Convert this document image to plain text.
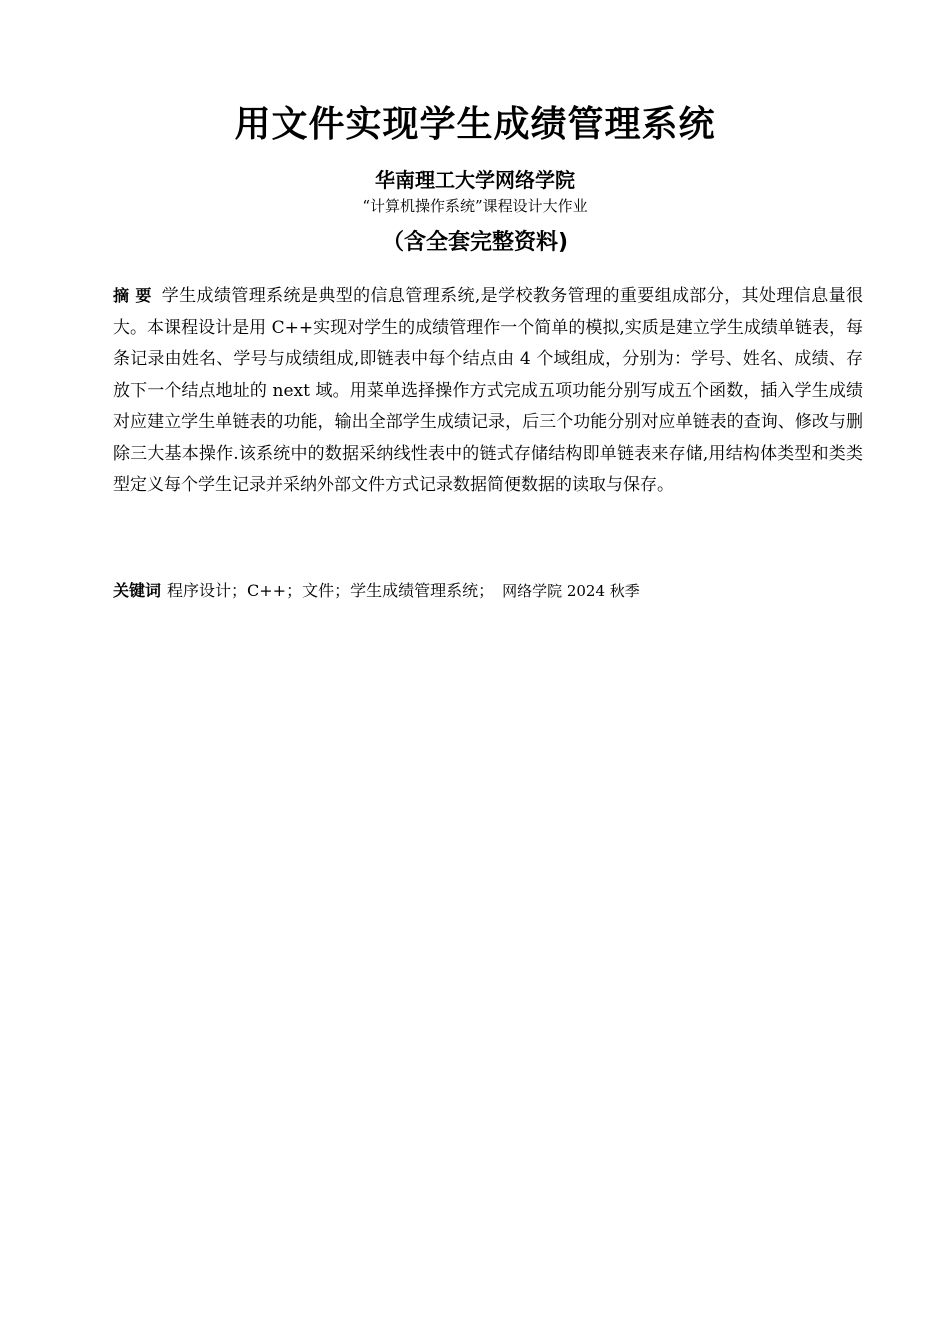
用文件实现学生成绩管理系统
华南理工大学网络学院
“计算机操作系统”课程设计大作业
（含全套完整资料)
摘 要 学生成绩管理系统是典型的信息管理系统,是学校教务管理的重要组成部分，其处理信息量很大。本课程设计是用 C++实现对学生的成绩管理作一个简单的模拟,实质是建立学生成绩单链表，每条记录由姓名、学号与成绩组成,即链表中每个结点由 4 个域组成，分别为：学号、姓名、成绩、存放下一个结点地址的 next 域。用菜单选择操作方式完成五项功能分别写成五个函数，插入学生成绩对应建立学生单链表的功能，输出全部学生成绩记录，后三个功能分别对应单链表的查询、修改与删除三大基本操作.该系统中的数据采纳线性表中的链式存储结构即单链表来存储,用结构体类型和类类型定义每个学生记录并采纳外部文件方式记录数据简便数据的读取与保存。
关键词 程序设计；C++；文件；学生成绩管理系统； 网络学院 2024 秋季
